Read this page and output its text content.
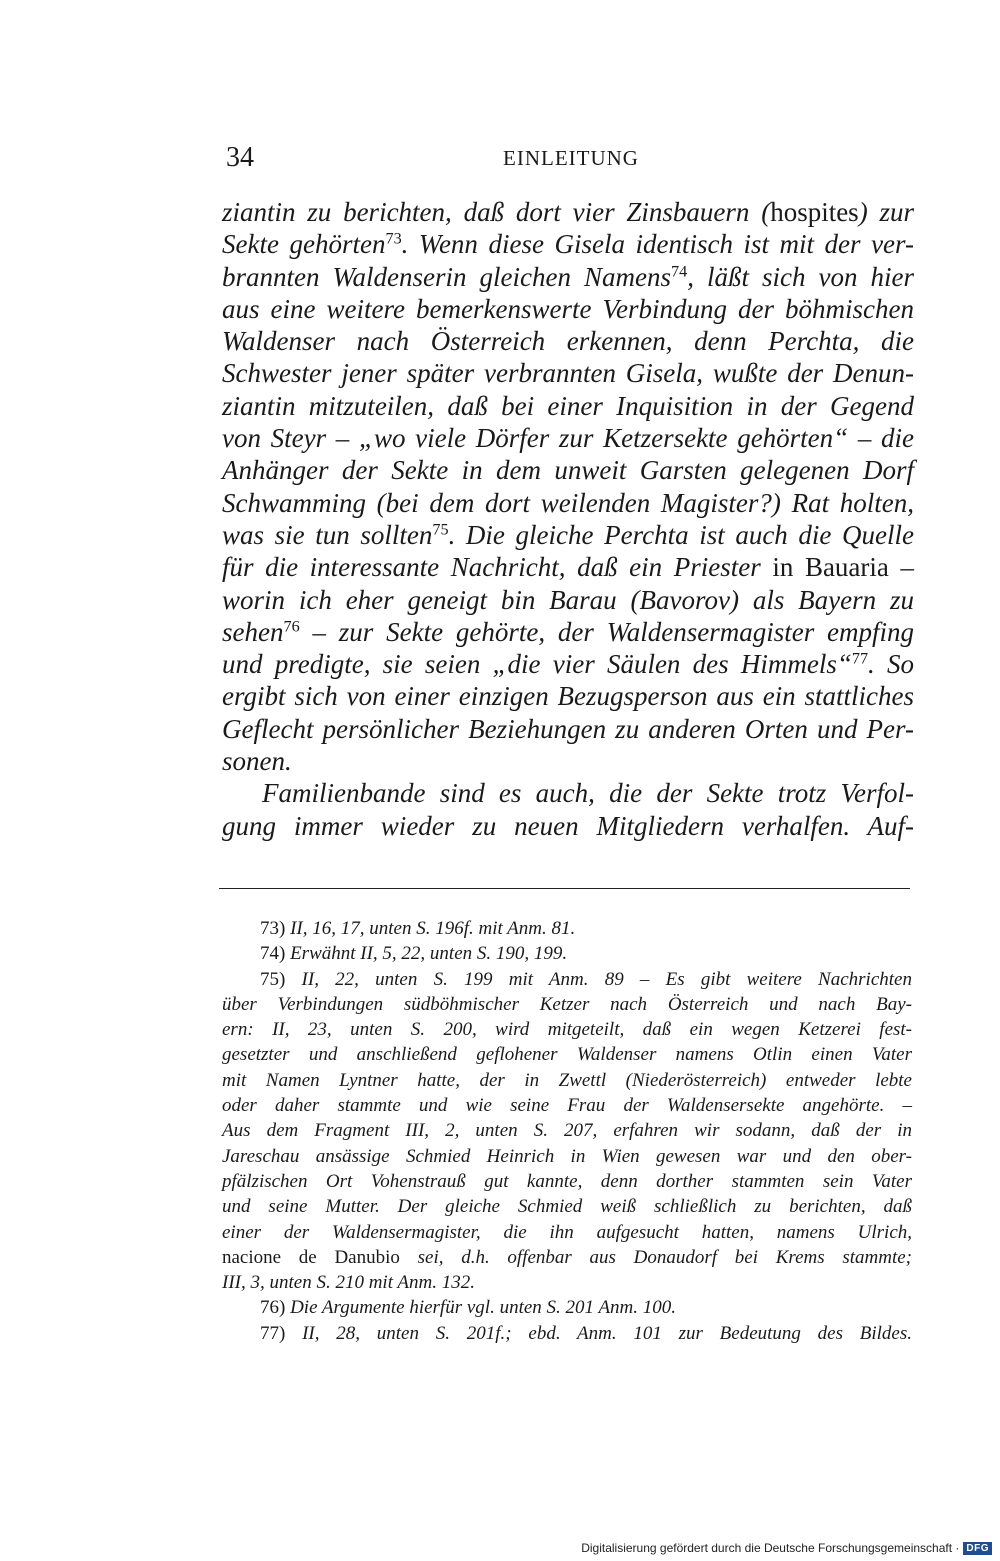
34	EINLEITUNG
ziantin zu berichten, daß dort vier Zinsbauern (hospites) zur
Sekte gehörten$^{73}$. Wenn diese Gisela identisch ist mit der ver-
brannten Waldenserin gleichen Namens$^{74}$, läßt sich von hier
aus eine weitere bemerkenswerte Verbindung der böhmischen
Waldenser nach Österreich erkennen, denn Perchta, die
Schwester jener später verbrannten Gisela, wußte der Denun-
ziantin mitzuteilen, daß bei einer Inquisition in der Gegend
von Steyr – „wo viele Dörfer zur Ketzersekte gehörten“ – die
Anhänger der Sekte in dem unweit Garsten gelegenen Dorf
Schwamming (bei dem dort weilenden Magister?) Rat holten,
was sie tun sollten$^{75}$. Die gleiche Perchta ist auch die Quelle
für die interessante Nachricht, daß ein Priester in Bauaria –
worin ich eher geneigt bin Barau (Bavorov) als Bayern zu
sehen$^{76}$ – zur Sekte gehörte, der Waldensermagister empfing
und predigte, sie seien „die vier Säulen des Himmels“$^{77}$. So
ergibt sich von einer einzigen Bezugsperson aus ein stattliches
Geflecht persönlicher Beziehungen zu anderen Orten und Per-
sonen.
Familienbande sind es auch, die der Sekte trotz Verfol-
gung immer wieder zu neuen Mitgliedern verhalfen. Auf-
73) II, 16, 17, unten S. 196f. mit Anm. 81.
74) Erwähnt II, 5, 22, unten S. 190, 199.
75) II, 22, unten S. 199 mit Anm. 89 – Es gibt weitere Nachrichten
über Verbindungen südböhmischer Ketzer nach Österreich und nach Bay-
ern: II, 23, unten S. 200, wird mitgeteilt, daß ein wegen Ketzerei fest-
gesetzter und anschließend geflohener Waldenser namens Otlin einen Vater
mit Namen Lyntner hatte, der in Zwettl (Niederösterreich) entweder lebte
oder daher stammte und wie seine Frau der Waldensersekte angehörte. –
Aus dem Fragment III, 2, unten S. 207, erfahren wir sodann, daß der in
Jareschau ansässige Schmied Heinrich in Wien gewesen war und den ober-
pfälzischen Ort Vohenstrauß gut kannte, denn dorther stammten sein Vater
und seine Mutter. Der gleiche Schmied weiß schließlich zu berichten, daß
einer der Waldensermagister, die ihn aufgesucht hatten, namens Ulrich,
nacione de Danubio sei, d.h. offenbar aus Donaudorf bei Krems stammte;
III, 3, unten S. 210 mit Anm. 132.
76) Die Argumente hierfür vgl. unten S. 201 Anm. 100.
77) II, 28, unten S. 201f.; ebd. Anm. 101 zur Bedeutung des Bildes.
Digitalisierung gefördert durch die Deutsche Forschungsgemeinschaft · DFG
